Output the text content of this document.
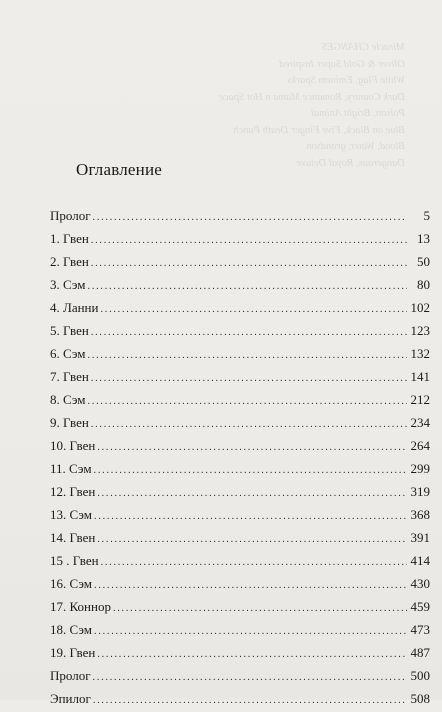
Miracle CHANGES
Oliver & Gold Super Inspired
White Flag, Eminem Sparks
Dark Country, Romance Mama n Hot Space
Poison, Bright Animal
Blue on Black, Five Finger Death Punch
Blood, Water, grandson
Dangerous, Royal Deluxe
Оглавление
Пролог .....	5
1. Гвен .....	13
2. Гвен .....	50
3. Сэм .....	80
4. Ланни .....	102
5. Гвен .....	123
6. Сэм .....	132
7. Гвен .....	141
8. Сэм .....	212
9. Гвен .....	234
10. Гвен .....	264
11. Сэм .....	299
12. Гвен .....	319
13. Сэм .....	368
14. Гвен .....	391
15 . Гвен .....	414
16. Сэм .....	430
17. Коннор .....	459
18. Сэм .....	473
19. Гвен .....	487
Пролог .....	500
Эпилог .....	508
